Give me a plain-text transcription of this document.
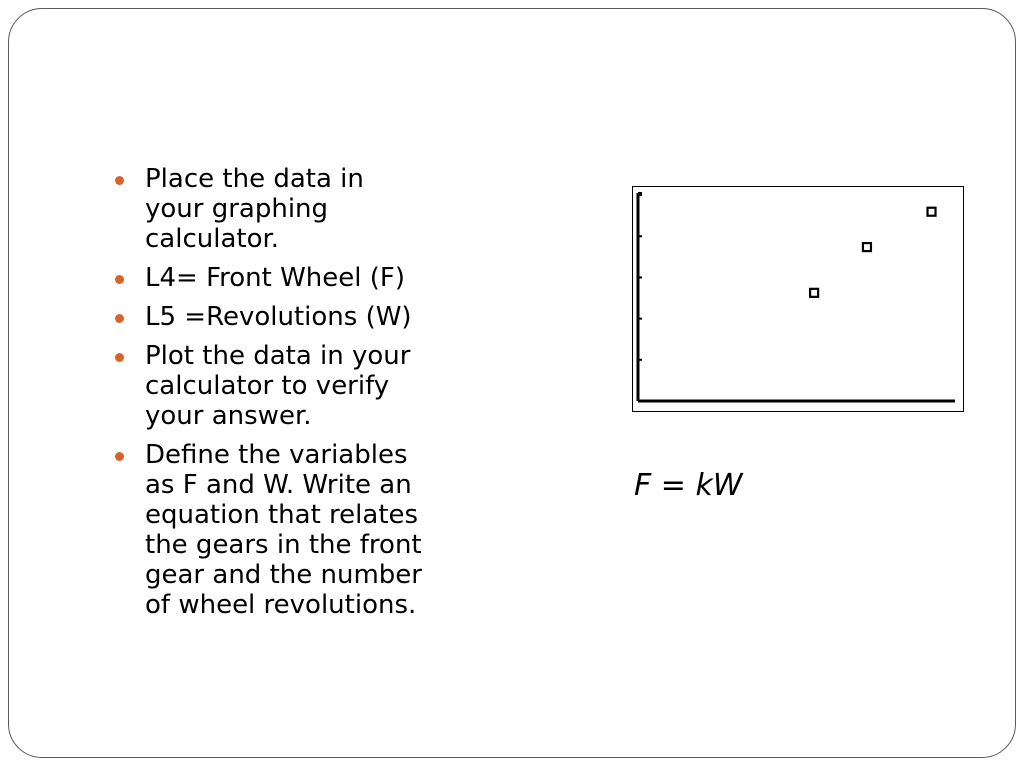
Place the data in
your graphing
calculator.
L4= Front Wheel (F)
L5 =Revolutions (W)
Plot the data in your
calculator to verify
your answer.
Define the variables
as F and W. Write an
equation that relates
the gears in the front
gear and the number
of wheel revolutions.
F = kW
